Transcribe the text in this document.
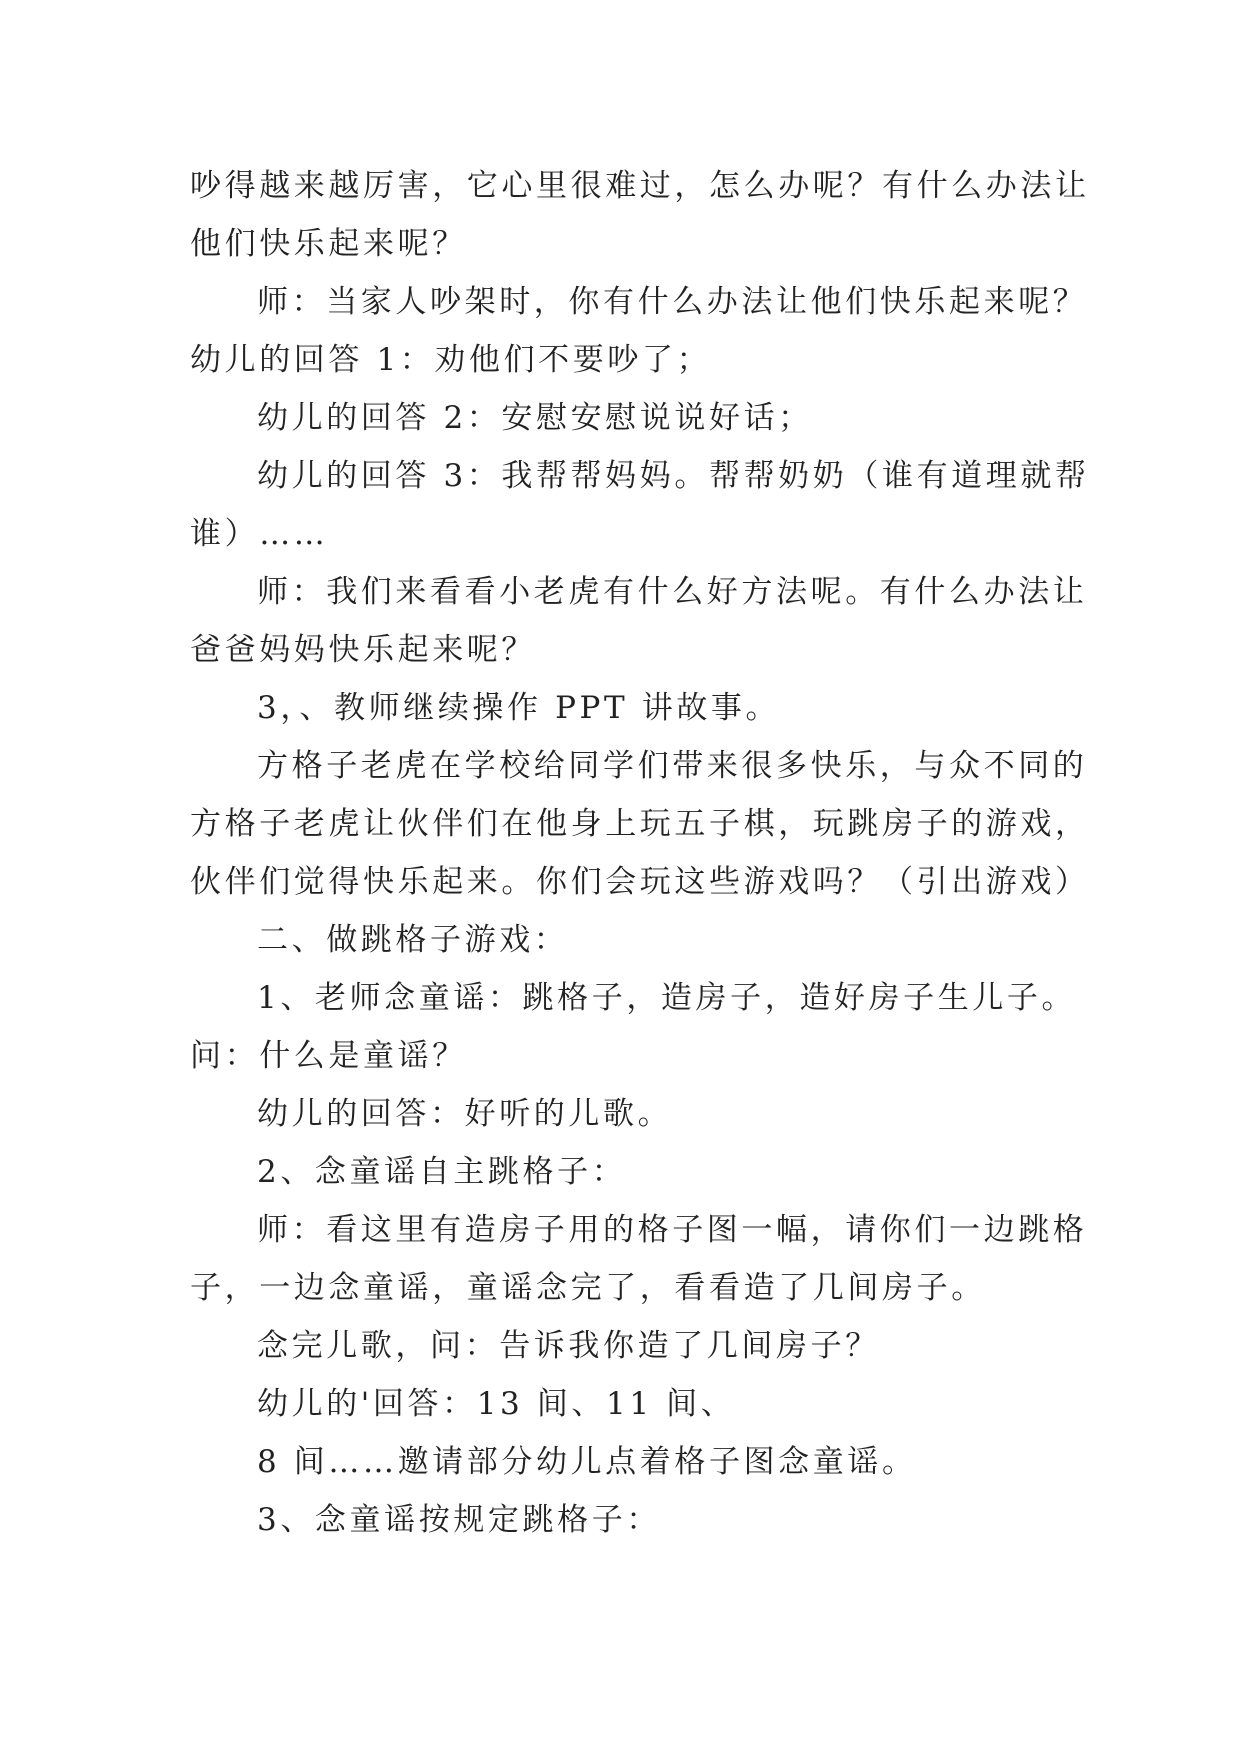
吵得越来越厉害，它心里很难过，怎么办呢？有什么办法让

他们快乐起来呢？

师：当家人吵架时，你有什么办法让他们快乐起来呢？

幼儿的回答 1：劝他们不要吵了；

幼儿的回答 2：安慰安慰说说好话；

幼儿的回答 3：我帮帮妈妈。帮帮奶奶（谁有道理就帮

谁）……

师：我们来看看小老虎有什么好方法呢。有什么办法让

爸爸妈妈快乐起来呢？

3，、教师继续操作 PPT 讲故事。

方格子老虎在学校给同学们带来很多快乐，与众不同的

方格子老虎让伙伴们在他身上玩五子棋，玩跳房子的游戏，

伙伴们觉得快乐起来。你们会玩这些游戏吗？（引出游戏）

二、做跳格子游戏：

1、老师念童谣：跳格子，造房子，造好房子生儿子。

问：什么是童谣？

幼儿的回答：好听的儿歌。

2、念童谣自主跳格子：

师：看这里有造房子用的格子图一幅，请你们一边跳格

子，一边念童谣，童谣念完了，看看造了几间房子。

念完儿歌，问：告诉我你造了几间房子？

幼儿的'回答：13 间、11 间、

8 间……邀请部分幼儿点着格子图念童谣。

3、念童谣按规定跳格子：
